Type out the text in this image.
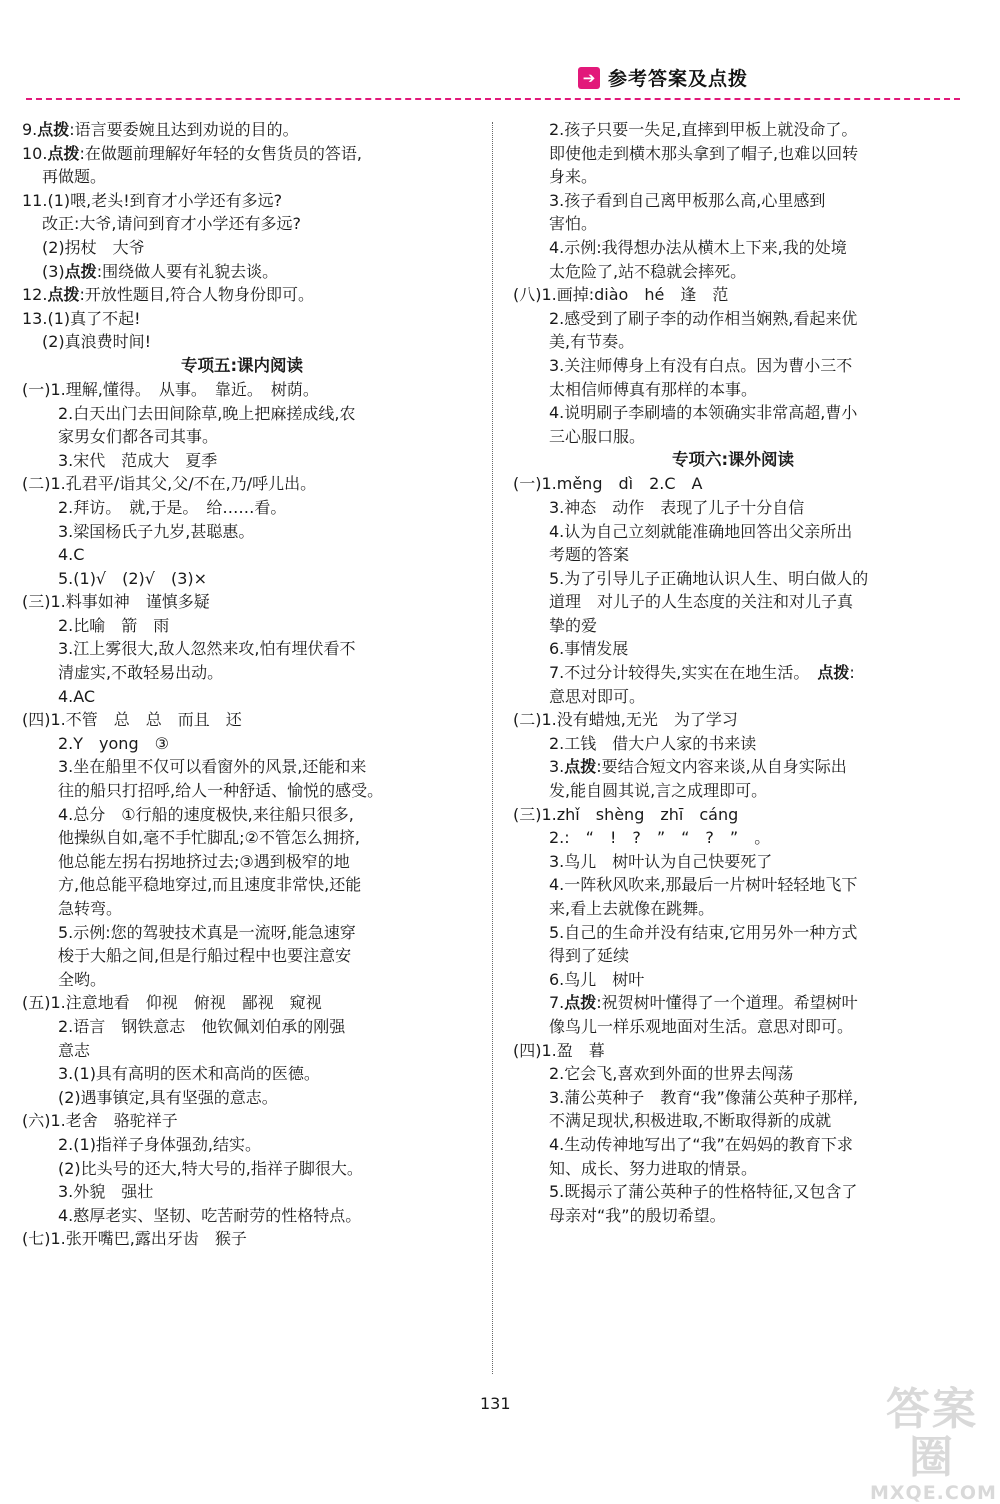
➔ 参考答案及点拨
9.点拨:语言要委婉且达到劝说的目的。
10.点拨:在做题前理解好年轻的女售货员的答语,
再做题。
11.(1)喂,老头!到育才小学还有多远?
改正:大爷,请问到育才小学还有多远?
(2)拐杖　大爷
(3)点拨:围绕做人要有礼貌去谈。
12.点拨:开放性题目,符合人物身份即可。
13.(1)真了不起!
(2)真浪费时间!
专项五:课内阅读
(一)1.理解,懂得。　从事。　靠近。　树荫。
2.白天出门去田间除草,晚上把麻搓成线,农
家男女们都各司其事。
3.宋代　范成大　夏季
(二)1.孔君平/诣其父,父/不在,乃/呼儿出。
2.拜访。　就,于是。　给……看。
3.梁国杨氏子九岁,甚聪惠。
4.C
5.(1)√　(2)√　(3)×
(三)1.料事如神　谨慎多疑
2.比喻　箭　雨
3.江上雾很大,敌人忽然来攻,怕有埋伏看不
清虚实,不敢轻易出动。
4.AC
(四)1.不管　总　总　而且　还
2.Y　yong　③
3.坐在船里不仅可以看窗外的风景,还能和来
往的船只打招呼,给人一种舒适、愉悦的感受。
4.总分　①行船的速度极快,来往船只很多,
他操纵自如,毫不手忙脚乱;②不管怎么拥挤,
他总能左拐右拐地挤过去;③遇到极窄的地
方,他总能平稳地穿过,而且速度非常快,还能
急转弯。
5.示例:您的驾驶技术真是一流呀,能急速穿
梭于大船之间,但是行船过程中也要注意安
全哟。
(五)1.注意地看　仰视　俯视　鄙视　窥视
2.语言　钢铁意志　他钦佩刘伯承的刚强
意志
3.(1)具有高明的医术和高尚的医德。
(2)遇事镇定,具有坚强的意志。
(六)1.老舍　骆驼祥子
2.(1)指祥子身体强劲,结实。
(2)比头号的还大,特大号的,指祥子脚很大。
3.外貌　强壮
4.憨厚老实、坚韧、吃苦耐劳的性格特点。
(七)1.张开嘴巴,露出牙齿　猴子
2.孩子只要一失足,直摔到甲板上就没命了。
即使他走到横木那头拿到了帽子,也难以回转
身来。
3.孩子看到自己离甲板那么高,心里感到
害怕。
4.示例:我得想办法从横木上下来,我的处境
太危险了,站不稳就会摔死。
(八)1.画掉:diào　hé　逢　范
2.感受到了刷子李的动作相当娴熟,看起来优
美,有节奏。
3.关注师傅身上有没有白点。因为曹小三不
太相信师傅真有那样的本事。
4.说明刷子李刷墙的本领确实非常高超,曹小
三心服口服。
专项六:课外阅读
(一)1.měng　dì　2.C　A
3.神态　动作　表现了儿子十分自信
4.认为自己立刻就能准确地回答出父亲所出
考题的答案
5.为了引导儿子正确地认识人生、明白做人的
道理　对儿子的人生态度的关注和对儿子真
挚的爱
6.事情发展
7.不过分计较得失,实实在在地生活。　点拨:
意思对即可。
(二)1.没有蜡烛,无光　为了学习
2.工钱　借大户人家的书来读
3.点拨:要结合短文内容来谈,从自身实际出
发,能自圆其说,言之成理即可。
(三)1.zhǐ　shèng　zhī　cáng
2.:　“　!　?　”　“　?　”　。
3.鸟儿　树叶认为自己快要死了
4.一阵秋风吹来,那最后一片树叶轻轻地飞下
来,看上去就像在跳舞。
5.自己的生命并没有结束,它用另外一种方式
得到了延续
6.鸟儿　树叶
7.点拨:祝贺树叶懂得了一个道理。希望树叶
像鸟儿一样乐观地面对生活。意思对即可。
(四)1.盈　暮
2.它会飞,喜欢到外面的世界去闯荡
3.蒲公英种子　教育“我”像蒲公英种子那样,
不满足现状,积极进取,不断取得新的成就
4.生动传神地写出了“我”在妈妈的教育下求
知、成长、努力进取的情景。
5.既揭示了蒲公英种子的性格特征,又包含了
母亲对“我”的殷切希望。
131	答案圈
MXQE.COM
